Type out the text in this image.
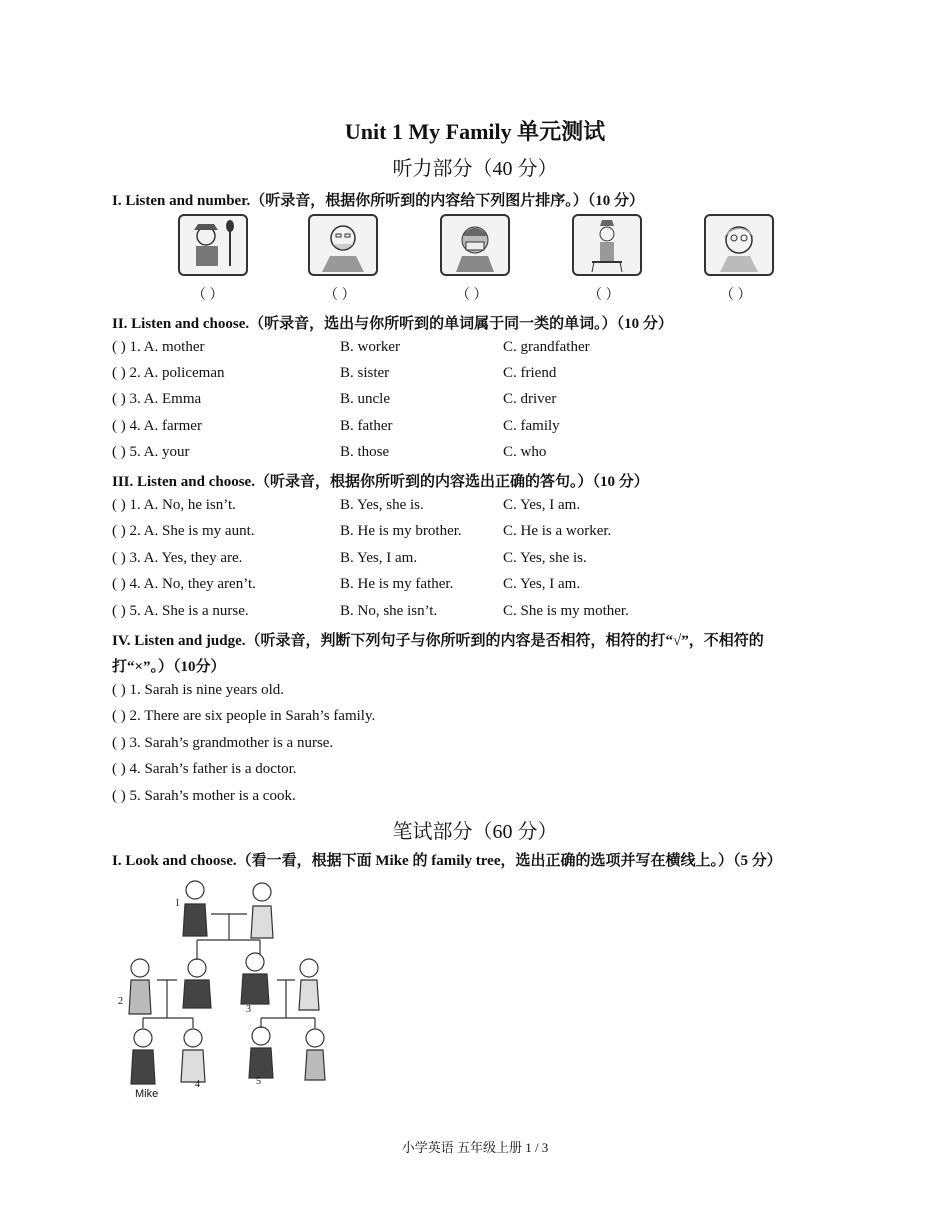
Unit 1 My Family 单元测试
听力部分（40 分）
I. Listen and number.（听录音，根据你所听到的内容给下列图片排序。）（10 分）
（ ）	（ ）	（ ）	（ ）	（ ）
II. Listen and choose.（听录音，选出与你所听到的单词属于同一类的单词。）（10 分）
( ) 1. A. mother	B. worker	C. grandfather
( ) 2. A. policeman	B. sister	C. friend
( ) 3. A. Emma	B. uncle	C. driver
( ) 4. A. farmer	B. father	C. family
( ) 5. A. your	B. those	C. who
III. Listen and choose.（听录音，根据你所听到的内容选出正确的答句。）（10 分）
( ) 1. A. No, he isn’t.	B. Yes, she is.	C. Yes, I am.
( ) 2. A. She is my aunt.	B. He is my brother.	C. He is a worker.
( ) 3. A. Yes, they are.	B. Yes, I am.	C. Yes, she is.
( ) 4. A. No, they aren’t.	B. He is my father.	C. Yes, I am.
( ) 5. A. She is a nurse.	B. No, she isn’t.	C. She is my mother.
IV. Listen and judge.（听录音，判断下列句子与你所听到的内容是否相符，相符的打“√”，不相符的
打“×”。）（10分）
( ) 1. Sarah is nine years old.
( ) 2. There are six people in Sarah’s family.
( ) 3. Sarah’s grandmother is a nurse.
( ) 4. Sarah’s father is a doctor.
( ) 5. Sarah’s mother is a cook.
笔试部分（60 分）
I. Look and choose.（看一看，根据下面 Mike 的 family tree，选出正确的选项并写在横线上。）（5 分）
1
2
3
4	5
Mike
小学英语 五年级上册 1 / 3
